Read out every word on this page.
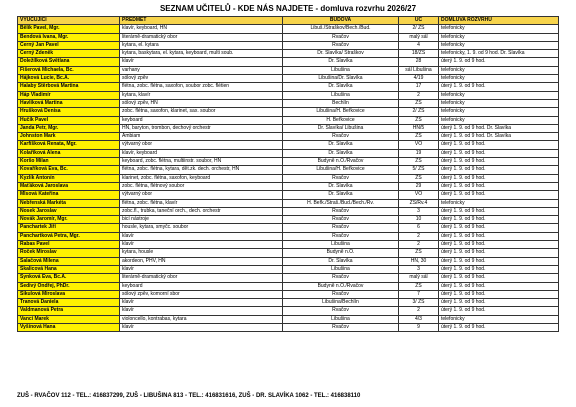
SEZNAM UČITELŮ - KDE NÁS NAJDETE - domluva rozvrhu 2026/27
VYUČUJÍCÍ	PŘEDMĚT	BUDOVA	UČ	DOMLUVA ROZVRHU
Bělík Pavel, Mgr.	klavír, keyboard, HN	Libuš./Straškov/Bech./Bud.	2/ ZŠ	telefonicky
Bendová Ivana, Mgr.	literárně-dramatický obor	Rvačov	malý sál	telefonicky
Černý Jan Pavel	kytara, el. kytara	Rvačov	4	telefonicky
Černý Zdeněk	kytara, baskytara, el. kytara, keyboard, multi soub.	Dr. Slavíka/ Straškov	18/ZŠ	telefonicky, 1. 9. od 9 hod. Dr. Slavíka
Doležílková Světlana	klavír	Dr. Slavíka	28	úterý 1. 9. od 9 hod.
Fišerová Michaela, Bc.	varhany	Libušina	sál Libušina	telefonicky
Hájková Lucie, Bc.A.	sólový zpěv	Libušina/Dr. Slavíka	4/19	telefonicky
Halaby Štěrbová Martina	flétna, zobc. flétna, saxofon, soubor zobc. flétien	Dr. Slavíka	17	úterý 1. 9. od 9 hod.
Háp Vladimír	kytara, klavír	Libušina	2	telefonicky
Havlíková Martina	sólový zpěv, HN	Bechlín	ZŠ	telefonicky
Hrušková Denisa	zobc. flétna, saxofon, klarinet, sax. soubor	Libušina/H. Beřkovice	2/ ZŠ	telefonicky
Hučík Pavel	keyboard	H. Beřkovice	ZŠ	telefonicky
Janda Petr, Mgr.	HN, baryton, trombon, dechový orchestr	Dr. Slavíka/ Libušina	HN/5	úterý 1. 9. od 9 hod. Dr. Slavíka
Johnston Mark	Ambiam	Rvačov	ZŠ	úterý 1. 9. od 9 hod. Dr. Slavíka
Karfíšková Renata, Mgr.	výtvarný obor	Dr. Slavíka	VO	úterý 1. 9. od 9 hod.
Kolaříková Alena	klavír, keyboard	Dr. Slavíka	19	úterý 1. 9. od 9 hod.
Koršo Milan	keyboard, zobc. flétna, multiinstr. soubor, HN	Budyně n.O./Rvačov	ZŠ	úterý 1. 9. od 9 hod.
Kovaříková Eva, Bc.	flétna, zobc. flétna, kytara, dět.zk. dech. orchestr, HN	Libušina/H. Beřkovice	5/ ZŠ	úterý 1. 9. od 9 hod.
Kyzlík Antonín	klarinet, zobc. flétna, saxofon, keyboard	Rvačov	ZŠ	úterý 1. 9. od 9 hod.
Maťáková Jaroslava	zobc. flétna, flétnový soubor	Dr. Slavíka	29	úterý 1. 9. od 9 hod.
Mlsová Kateřina	výtvarný obor	Dr. Slavíka	VO	úterý 1. 9. od 9 hod.
Nebřenská Markéta	flétna, zobc. flétna, klavír	H. Beřk./Straš./Bud./Bech./Rv.	ZŠ/Rv.4	telefonicky
Nosek Jaroslav	zobc.fl., trubka, taneční orch., dech. orchestr	Rvačov	3	úterý 1. 9. od 9 hod.
Novák Jaromír, Mgr.	bicí nástroje	Rvačov	10	úterý 1. 9. od 9 hod.
Panchartek Jiří	housle, kytara, smyčc. soubor	Rvačov	6	úterý 1. 9. od 9 hod.
Panchartková Petra, Mgr.	klavír	Rvačov	2	úterý 1. 9. od 9 hod.
Rabas Pavel	klavír	Libušina	2	úterý 1. 9. od 9 hod.
Roček Miroslav	kytara, housle	Budyně n.O.	ZŠ	úterý 1. 9. od 9 hod.
Salačová Milena	akordeon, PHV, HN	Dr. Slavíka	HN, 30	úterý 1. 9. od 9 hod.
Skalicová Hana	klavír	Libušina	3	úterý 1. 9. od 9 hod.
Synková Eva, Bc.A.	literárně-dramatický obor	Rvačov	malý sál	úterý 1. 9. od 9 hod.
Šedivý Ondřej, PhDr.	keyboard	Budyně n.O./Rvačov	ZŠ	úterý 1. 9. od 9 hod.
Šikulová Miroslava	sólový zpěv, komorní sbor	Rvačov	7	úterý 1. 9. od 9 hod.
Tranová Daniela	klavír	Libušina/Bechlín	3/ ZŠ	úterý 1. 9. od 9 hod.
Valdmanová Petra	klavír	Rvačov	2	úterý 1. 9. od 9 hod.
Vanci Marek	violoncello, kontrabas, kytara	Libušina	4/3	telefonicky
Vyšínová Hana	klavír	Rvačov	9	úterý 1. 9. od 9 hod.
ZUŠ - RVAČOV 112 - TEL.: 416837299, ZUŠ - LIBUŠINA 813 - TEL.: 416831616, ZUŠ - DR. SLAVÍKA 1062 - TEL.: 416838110
